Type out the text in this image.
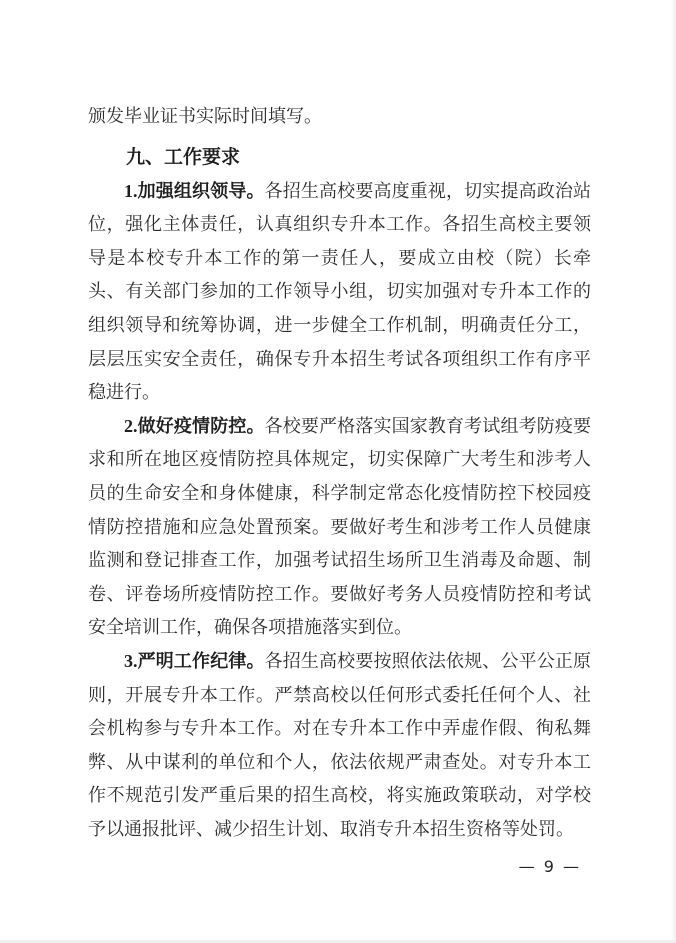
颁发毕业证书实际时间填写。

九、工作要求

1.加强组织领导。各招生高校要高度重视，切实提高政治站位，强化主体责任，认真组织专升本工作。各招生高校主要领导是本校专升本工作的第一责任人，要成立由校（院）长牵头、有关部门参加的工作领导小组，切实加强对专升本工作的组织领导和统筹协调，进一步健全工作机制，明确责任分工，层层压实安全责任，确保专升本招生考试各项组织工作有序平稳进行。

2.做好疫情防控。各校要严格落实国家教育考试组考防疫要求和所在地区疫情防控具体规定，切实保障广大考生和涉考人员的生命安全和身体健康，科学制定常态化疫情防控下校园疫情防控措施和应急处置预案。要做好考生和涉考工作人员健康监测和登记排查工作，加强考试招生场所卫生消毒及命题、制卷、评卷场所疫情防控工作。要做好考务人员疫情防控和考试安全培训工作，确保各项措施落实到位。

3.严明工作纪律。各招生高校要按照依法依规、公平公正原则，开展专升本工作。严禁高校以任何形式委托任何个人、社会机构参与专升本工作。对在专升本工作中弄虚作假、徇私舞弊、从中谋利的单位和个人，依法依规严肃查处。对专升本工作不规范引发严重后果的招生高校，将实施政策联动，对学校予以通报批评、减少招生计划、取消专升本招生资格等处罚。

— 9 —
